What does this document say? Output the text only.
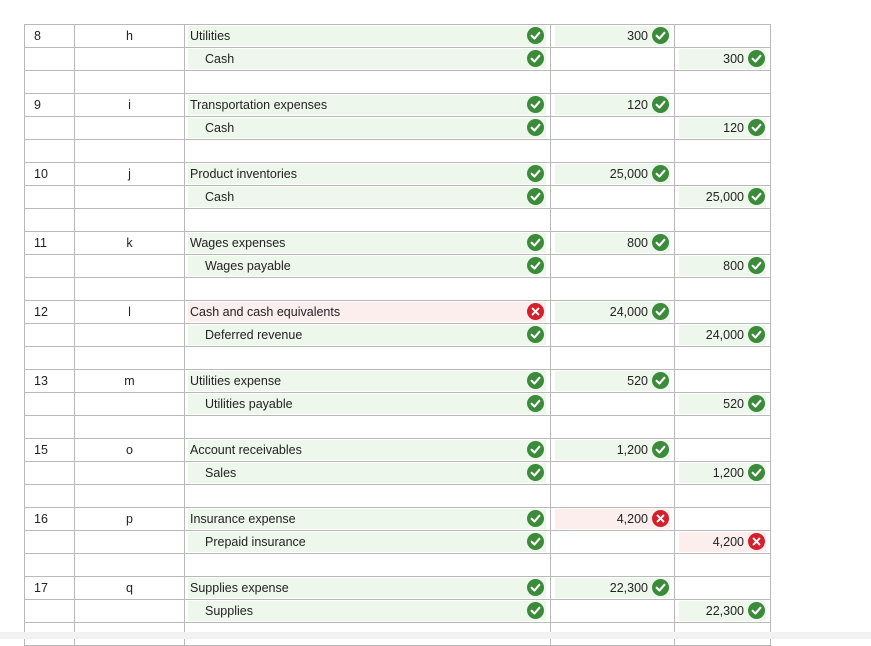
8	h	Utilities	300	

		Cash		300

9	i	Transportation expenses	120	

		Cash		120

10	j	Product inventories	25,000	

		Cash		25,000

11	k	Wages expenses	800	

		Wages payable		800

12	l	Cash and cash equivalents	24,000	

		Deferred revenue		24,000

13	m	Utilities expense	520	

		Utilities payable		520

15	o	Account receivables	1,200	

		Sales		1,200

16	p	Insurance expense	4,200	

		Prepaid insurance		4,200

17	q	Supplies expense	22,300	

		Supplies		22,300
